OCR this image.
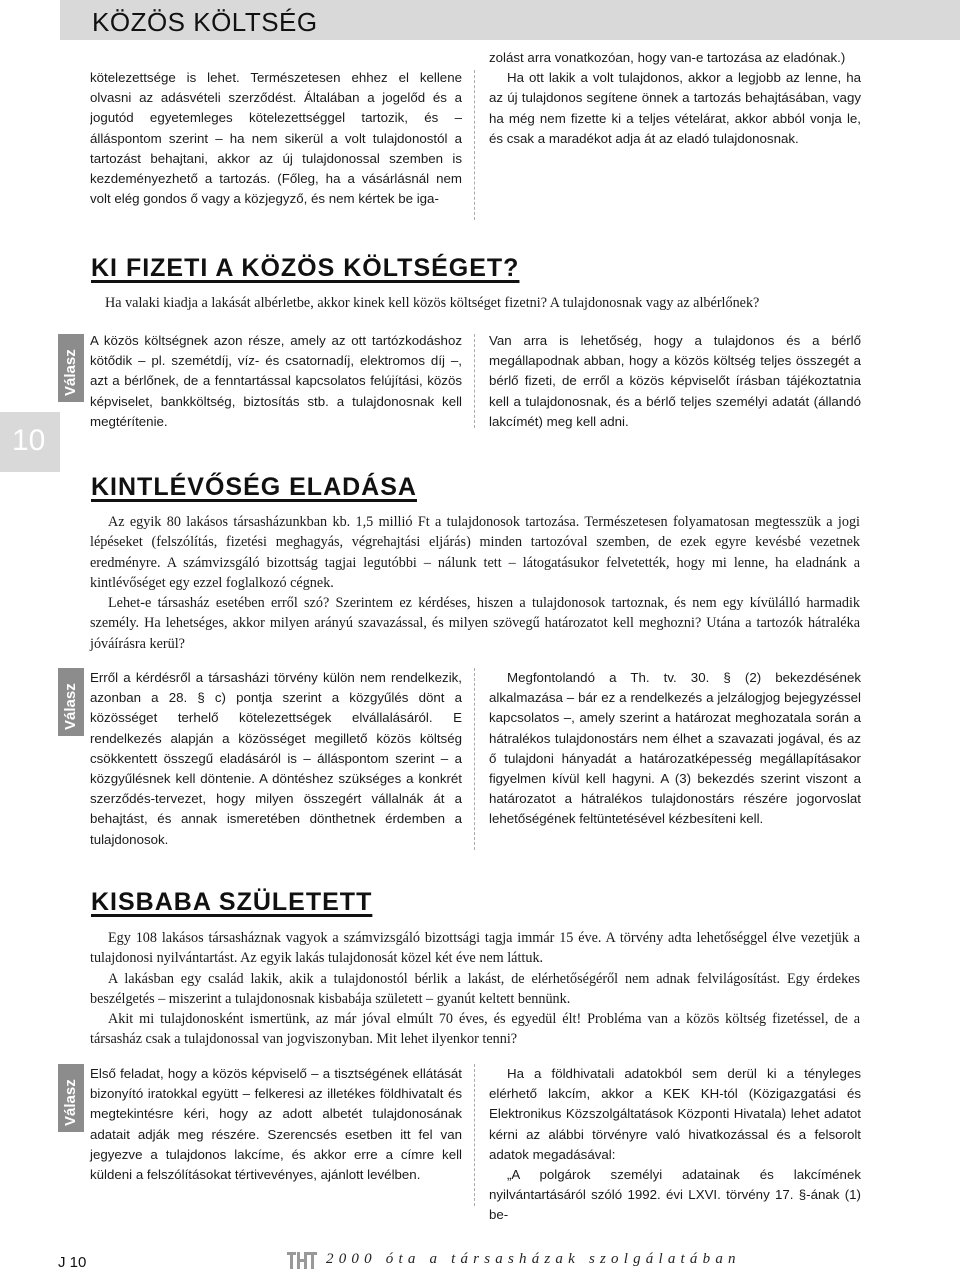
KÖZÖS KÖLTSÉG
10

kötelezettsége is lehet. Természetesen ehhez el kellene olvasni az adásvételi szerződést. Általában a jogelőd és a jogutód egyetemleges kötelezettséggel tartozik, és – álláspontom szerint – ha nem sikerül a volt tulajdonostól a tartozást behajtani, akkor az új tulajdonossal szemben is kezdeményezhető a tartozás. (Főleg, ha a vásárlásnál nem volt elég gondos ő vagy a közjegyző, és nem kértek be iga-

zolást arra vonatkozóan, hogy van-e tartozása az eladónak.)

Ha ott lakik a volt tulajdonos, akkor a legjobb az lenne, ha az új tulajdonos segítene önnek a tartozás behajtásában, vagy ha még nem fizette ki a teljes vételárat, akkor abból vonja le, és csak a maradékot adja át az eladó tulajdonosnak.

KI FIZETI A KÖZÖS KÖLTSÉGET?

Ha valaki kiadja a lakását albérletbe, akkor kinek kell közös költséget fizetni? A tulajdonosnak vagy az albérlőnek?

Válasz

A közös költségnek azon része, amely az ott tartózkodáshoz kötődik – pl. szemétdíj, víz- és csatornadíj, elektromos díj –, azt a bérlőnek, de a fenntartással kapcsolatos felújítási, közös képviselet, bankköltség, biztosítás stb. a tulajdonosnak kell megtérítenie.

Van arra is lehetőség, hogy a tulajdonos és a bérlő megállapodnak abban, hogy a közös költség teljes összegét a bérlő fizeti, de erről a közös képviselőt írásban tájékoztatnia kell a tulajdonosnak, és a bérlő teljes személyi adatát (állandó lakcímét) meg kell adni.

KINTLÉVŐSÉG ELADÁSA

Az egyik 80 lakásos társasházunkban kb. 1,5 millió Ft a tulajdonosok tartozása. Természetesen folyamatosan megtesszük a jogi lépéseket (felszólítás, fizetési meghagyás, végrehajtási eljárás) minden tartozóval szemben, de ezek egyre kevésbé vezetnek eredményre. A számvizsgáló bizottság tagjai legutóbbi – nálunk tett – látogatásukor felvetették, hogy mi lenne, ha eladnánk a kintlévőséget egy ezzel foglalkozó cégnek.

Lehet-e társasház esetében erről szó? Szerintem ez kérdéses, hiszen a tulajdonosok tartoznak, és nem egy kívülálló harmadik személy. Ha lehetséges, akkor milyen arányú szavazással, és milyen szövegű határozatot kell meghozni? Utána a tartozók hátraléka jóváírásra kerül?

Válasz

Erről a kérdésről a társasházi törvény külön nem rendelkezik, azonban a 28. § c) pontja szerint a közgyűlés dönt a közösséget terhelő kötelezettségek elvállalásáról. E rendelkezés alapján a közösséget megillető közös költség csökkentett összegű eladásáról is – álláspontom szerint – a közgyűlésnek kell döntenie. A döntéshez szükséges a konkrét szerződés-tervezet, hogy milyen összegért vállalnák át a behajtást, és annak ismeretében dönthetnek érdemben a tulajdonosok.

Megfontolandó a Th. tv. 30. § (2) bekezdésének alkalmazása – bár ez a rendelkezés a jelzálogjog bejegyzéssel kapcsolatos –, amely szerint a határozat meghozatala során a hátralékos tulajdonostárs nem élhet a szavazati jogával, és az ő tulajdoni hányadát a határozatképesség megállapításakor figyelmen kívül kell hagyni. A (3) bekezdés szerint viszont a határozatot a hátralékos tulajdonostárs részére jogorvoslat lehetőségének feltüntetésével kézbesíteni kell.

KISBABA SZÜLETETT

Egy 108 lakásos társasháznak vagyok a számvizsgáló bizottsági tagja immár 15 éve. A törvény adta lehetőséggel élve vezetjük a tulajdonosi nyilvántartást. Az egyik lakás tulajdonosát közel két éve nem láttuk.

A lakásban egy család lakik, akik a tulajdonostól bérlik a lakást, de elérhetőségéről nem adnak felvilágosítást. Egy érdekes beszélgetés – miszerint a tulajdonosnak kisbabája született – gyanút keltett bennünk.

Akit mi tulajdonosként ismertünk, az már jóval elmúlt 70 éves, és egyedül élt! Probléma van a közös költség fizetéssel, de a társasház csak a tulajdonossal van jogviszonyban. Mit lehet ilyenkor tenni?

Válasz

Első feladat, hogy a közös képviselő – a tisztségének ellátását bizonyító iratokkal együtt – felkeresi az illetékes földhivatalt és megtekintésre kéri, hogy az adott albetét tulajdonosának adatait adják meg részére. Szerencsés esetben itt fel van jegyezve a tulajdonos lakcíme, és akkor erre a címre kell küldeni a felszólításokat tértivevényes, ajánlott levélben.

Ha a földhivatali adatokból sem derül ki a tényleges elérhető lakcím, akkor a KEK KH-tól (Közigazgatási és Elektronikus Közszolgáltatások Központi Hivatala) lehet adatot kérni az alábbi törvényre való hivatkozással és a felsorolt adatok megadásával:

„A polgárok személyi adatainak és lakcímének nyilvántartásáról szóló 1992. évi LXVI. törvény 17. §-ának (1) be-

J 10	2000 óta a társasházak szolgálatában
